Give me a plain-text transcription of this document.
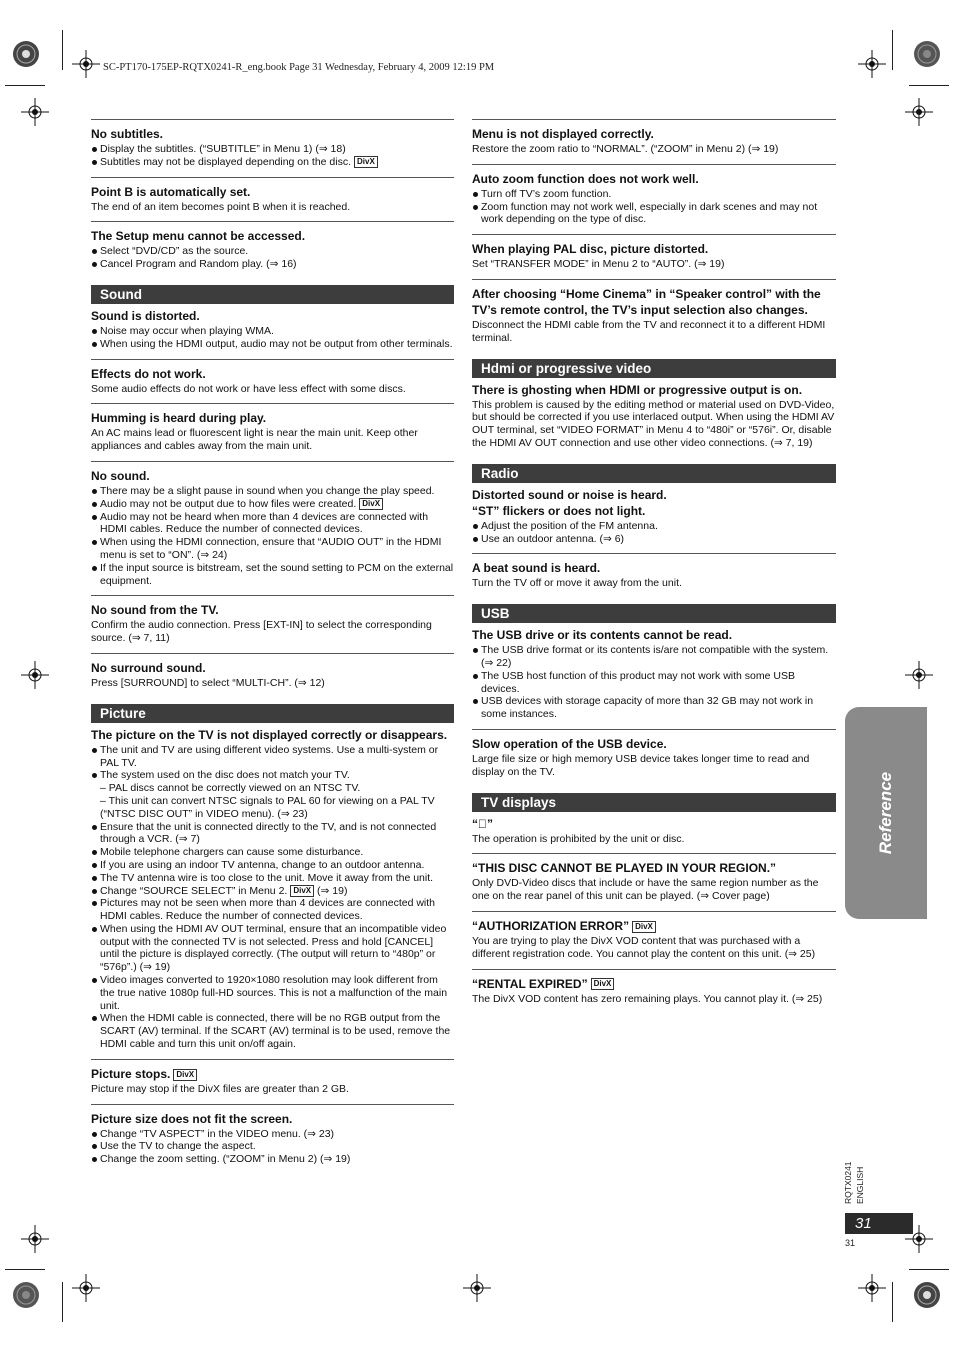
SC-PT170-175EP-RQTX0241-R_eng.book Page 31 Wednesday, February 4, 2009 12:19 PM
No subtitles.
Display the subtitles. (“SUBTITLE” in Menu 1) (⇒ 18)
Subtitles may not be displayed depending on the disc. DivX
Point B is automatically set.
The end of an item becomes point B when it is reached.
The Setup menu cannot be accessed.
Select “DVD/CD” as the source.
Cancel Program and Random play. (⇒ 16)
Sound
Sound is distorted.
Noise may occur when playing WMA.
When using the HDMI output, audio may not be output from other terminals.
Effects do not work.
Some audio effects do not work or have less effect with some discs.
Humming is heard during play.
An AC mains lead or fluorescent light is near the main unit. Keep other appliances and cables away from the main unit.
No sound.
There may be a slight pause in sound when you change the play speed.
Audio may not be output due to how files were created. DivX
Audio may not be heard when more than 4 devices are connected with HDMI cables. Reduce the number of connected devices.
When using the HDMI connection, ensure that “AUDIO OUT” in the HDMI menu is set to “ON”. (⇒ 24)
If the input source is bitstream, set the sound setting to PCM on the external equipment.
No sound from the TV.
Confirm the audio connection. Press [EXT-IN] to select the corresponding source. (⇒ 7, 11)
No surround sound.
Press [SURROUND] to select “MULTI-CH”. (⇒ 12)
Picture
The picture on the TV is not displayed correctly or disappears.
The unit and TV are using different video systems. Use a multi-system or PAL TV.
The system used on the disc does not match your TV.
– PAL discs cannot be correctly viewed on an NTSC TV.
– This unit can convert NTSC signals to PAL 60 for viewing on a PAL TV (“NTSC DISC OUT” in VIDEO menu). (⇒ 23)
Ensure that the unit is connected directly to the TV, and is not connected through a VCR. (⇒ 7)
Mobile telephone chargers can cause some disturbance.
If you are using an indoor TV antenna, change to an outdoor antenna.
The TV antenna wire is too close to the unit. Move it away from the unit.
Change “SOURCE SELECT” in Menu 2. DivX (⇒ 19)
Pictures may not be seen when more than 4 devices are connected with HDMI cables. Reduce the number of connected devices.
When using the HDMI AV OUT terminal, ensure that an incompatible video output with the connected TV is not selected. Press and hold [CANCEL] until the picture is displayed correctly. (The output will return to “480p” or “576p”.) (⇒ 19)
Video images converted to 1920×1080 resolution may look different from the true native 1080p full-HD sources. This is not a malfunction of the main unit.
When the HDMI cable is connected, there will be no RGB output from the SCART (AV) terminal. If the SCART (AV) terminal is to be used, remove the HDMI cable and turn this unit on/off again.
Picture stops. DivX
Picture may stop if the DivX files are greater than 2 GB.
Picture size does not fit the screen.
Change “TV ASPECT” in the VIDEO menu. (⇒ 23)
Use the TV to change the aspect.
Change the zoom setting. (“ZOOM” in Menu 2) (⇒ 19)
Menu is not displayed correctly.
Restore the zoom ratio to “NORMAL”. (“ZOOM” in Menu 2) (⇒ 19)
Auto zoom function does not work well.
Turn off TV’s zoom function.
Zoom function may not work well, especially in dark scenes and may not work depending on the type of disc.
When playing PAL disc, picture distorted.
Set “TRANSFER MODE” in Menu 2 to “AUTO”. (⇒ 19)
After choosing “Home Cinema” in “Speaker control” with the TV’s remote control, the TV’s input selection also changes.
Disconnect the HDMI cable from the TV and reconnect it to a different HDMI terminal.
Hdmi or progressive video
There is ghosting when HDMI or progressive output is on.
This problem is caused by the editing method or material used on DVD-Video, but should be corrected if you use interlaced output. When using the HDMI AV OUT terminal, set “VIDEO FORMAT” in Menu 4 to “480i” or “576i”. Or, disable the HDMI AV OUT connection and use other video connections. (⇒ 7, 19)
Radio
Distorted sound or noise is heard.
“ST” flickers or does not light.
Adjust the position of the FM antenna.
Use an outdoor antenna. (⇒ 6)
A beat sound is heard.
Turn the TV off or move it away from the unit.
USB
The USB drive or its contents cannot be read.
The USB drive format or its contents is/are not compatible with the system. (⇒ 22)
The USB host function of this product may not work with some USB devices.
USB devices with storage capacity of more than 32 GB may not work in some instances.
Slow operation of the USB device.
Large file size or high memory USB device takes longer time to read and display on the TV.
TV displays
“⃠”
The operation is prohibited by the unit or disc.
“THIS DISC CANNOT BE PLAYED IN YOUR REGION.”
Only DVD-Video discs that include or have the same region number as the one on the rear panel of this unit can be played. (⇒ Cover page)
“AUTHORIZATION ERROR” DivX
You are trying to play the DivX VOD content that was purchased with a different registration code. You cannot play the content on this unit. (⇒ 25)
“RENTAL EXPIRED” DivX
The DivX VOD content has zero remaining plays. You cannot play it. (⇒ 25)
Reference
RQTX0241 ENGLISH
31
31
